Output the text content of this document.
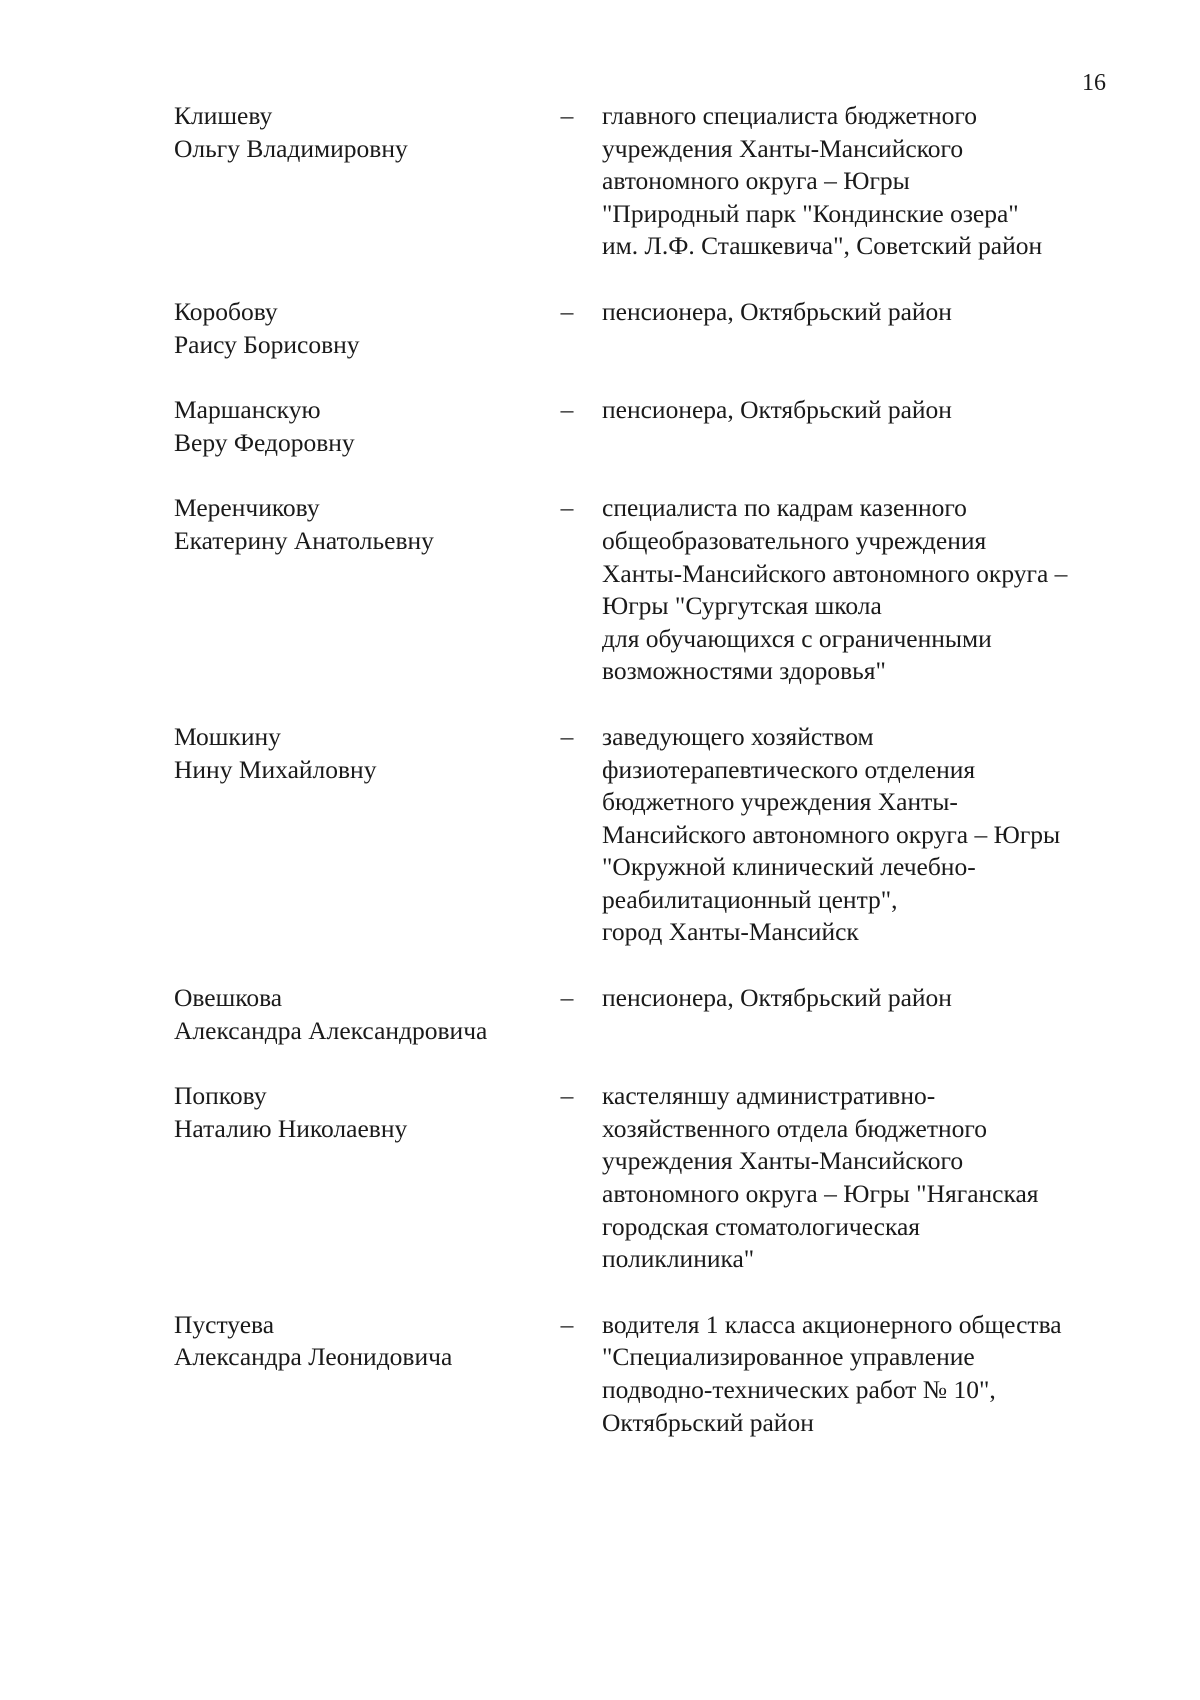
16
Клишеву
Ольгу Владимировну
–	главного специалиста бюджетного
учреждения Ханты-Мансийского
автономного округа – Югры
"Природный парк "Кондинские озера"
им. Л.Ф. Сташкевича", Советский район
Коробову
Раису Борисовну
–	пенсионера, Октябрьский район
Маршанскую
Веру Федоровну
–	пенсионера, Октябрьский район
Меренчикову
Екатерину Анатольевну
–	специалиста по кадрам казенного
общеобразовательного учреждения
Ханты-Мансийского автономного округа –
Югры "Сургутская школа
для обучающихся с ограниченными
возможностями здоровья"
Мошкину
Нину Михайловну
–	заведующего хозяйством
физиотерапевтического отделения
бюджетного учреждения Ханты-
Мансийского автономного округа – Югры
"Окружной клинический лечебно-
реабилитационный центр",
город Ханты-Мансийск
Овешкова
Александра Александровича
–	пенсионера, Октябрьский район
Попкову
Наталию Николаевну
–	кастеляншу административно-
хозяйственного отдела бюджетного
учреждения Ханты-Мансийского
автономного округа – Югры "Няганская
городская стоматологическая
поликлиника"
Пустуева
Александра Леонидовича
–	водителя 1 класса акционерного общества
"Специализированное управление
подводно-технических работ № 10",
Октябрьский район
